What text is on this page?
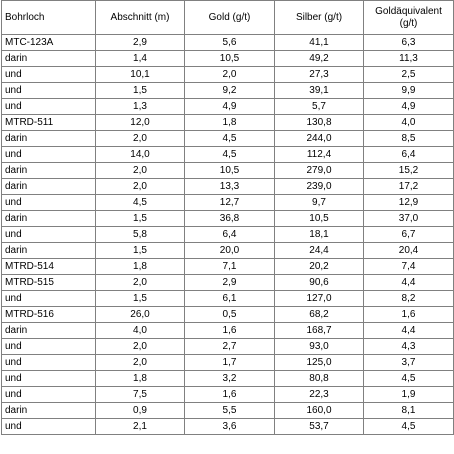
Bohrloch	Abschnitt (m)	Gold (g/t)	Silber (g/t)	Goldäquivalent (g/t)
MTC-123A	2,9	5,6	41,1	6,3
darin	1,4	10,5	49,2	11,3
und	10,1	2,0	27,3	2,5
und	1,5	9,2	39,1	9,9
und	1,3	4,9	5,7	4,9
MTRD-511	12,0	1,8	130,8	4,0
darin	2,0	4,5	244,0	8,5
und	14,0	4,5	112,4	6,4
darin	2,0	10,5	279,0	15,2
darin	2,0	13,3	239,0	17,2
und	4,5	12,7	9,7	12,9
darin	1,5	36,8	10,5	37,0
und	5,8	6,4	18,1	6,7
darin	1,5	20,0	24,4	20,4
MTRD-514	1,8	7,1	20,2	7,4
MTRD-515	2,0	2,9	90,6	4,4
und	1,5	6,1	127,0	8,2
MTRD-516	26,0	0,5	68,2	1,6
darin	4,0	1,6	168,7	4,4
und	2,0	2,7	93,0	4,3
und	2,0	1,7	125,0	3,7
und	1,8	3,2	80,8	4,5
und	7,5	1,6	22,3	1,9
darin	0,9	5,5	160,0	8,1
und	2,1	3,6	53,7	4,5
